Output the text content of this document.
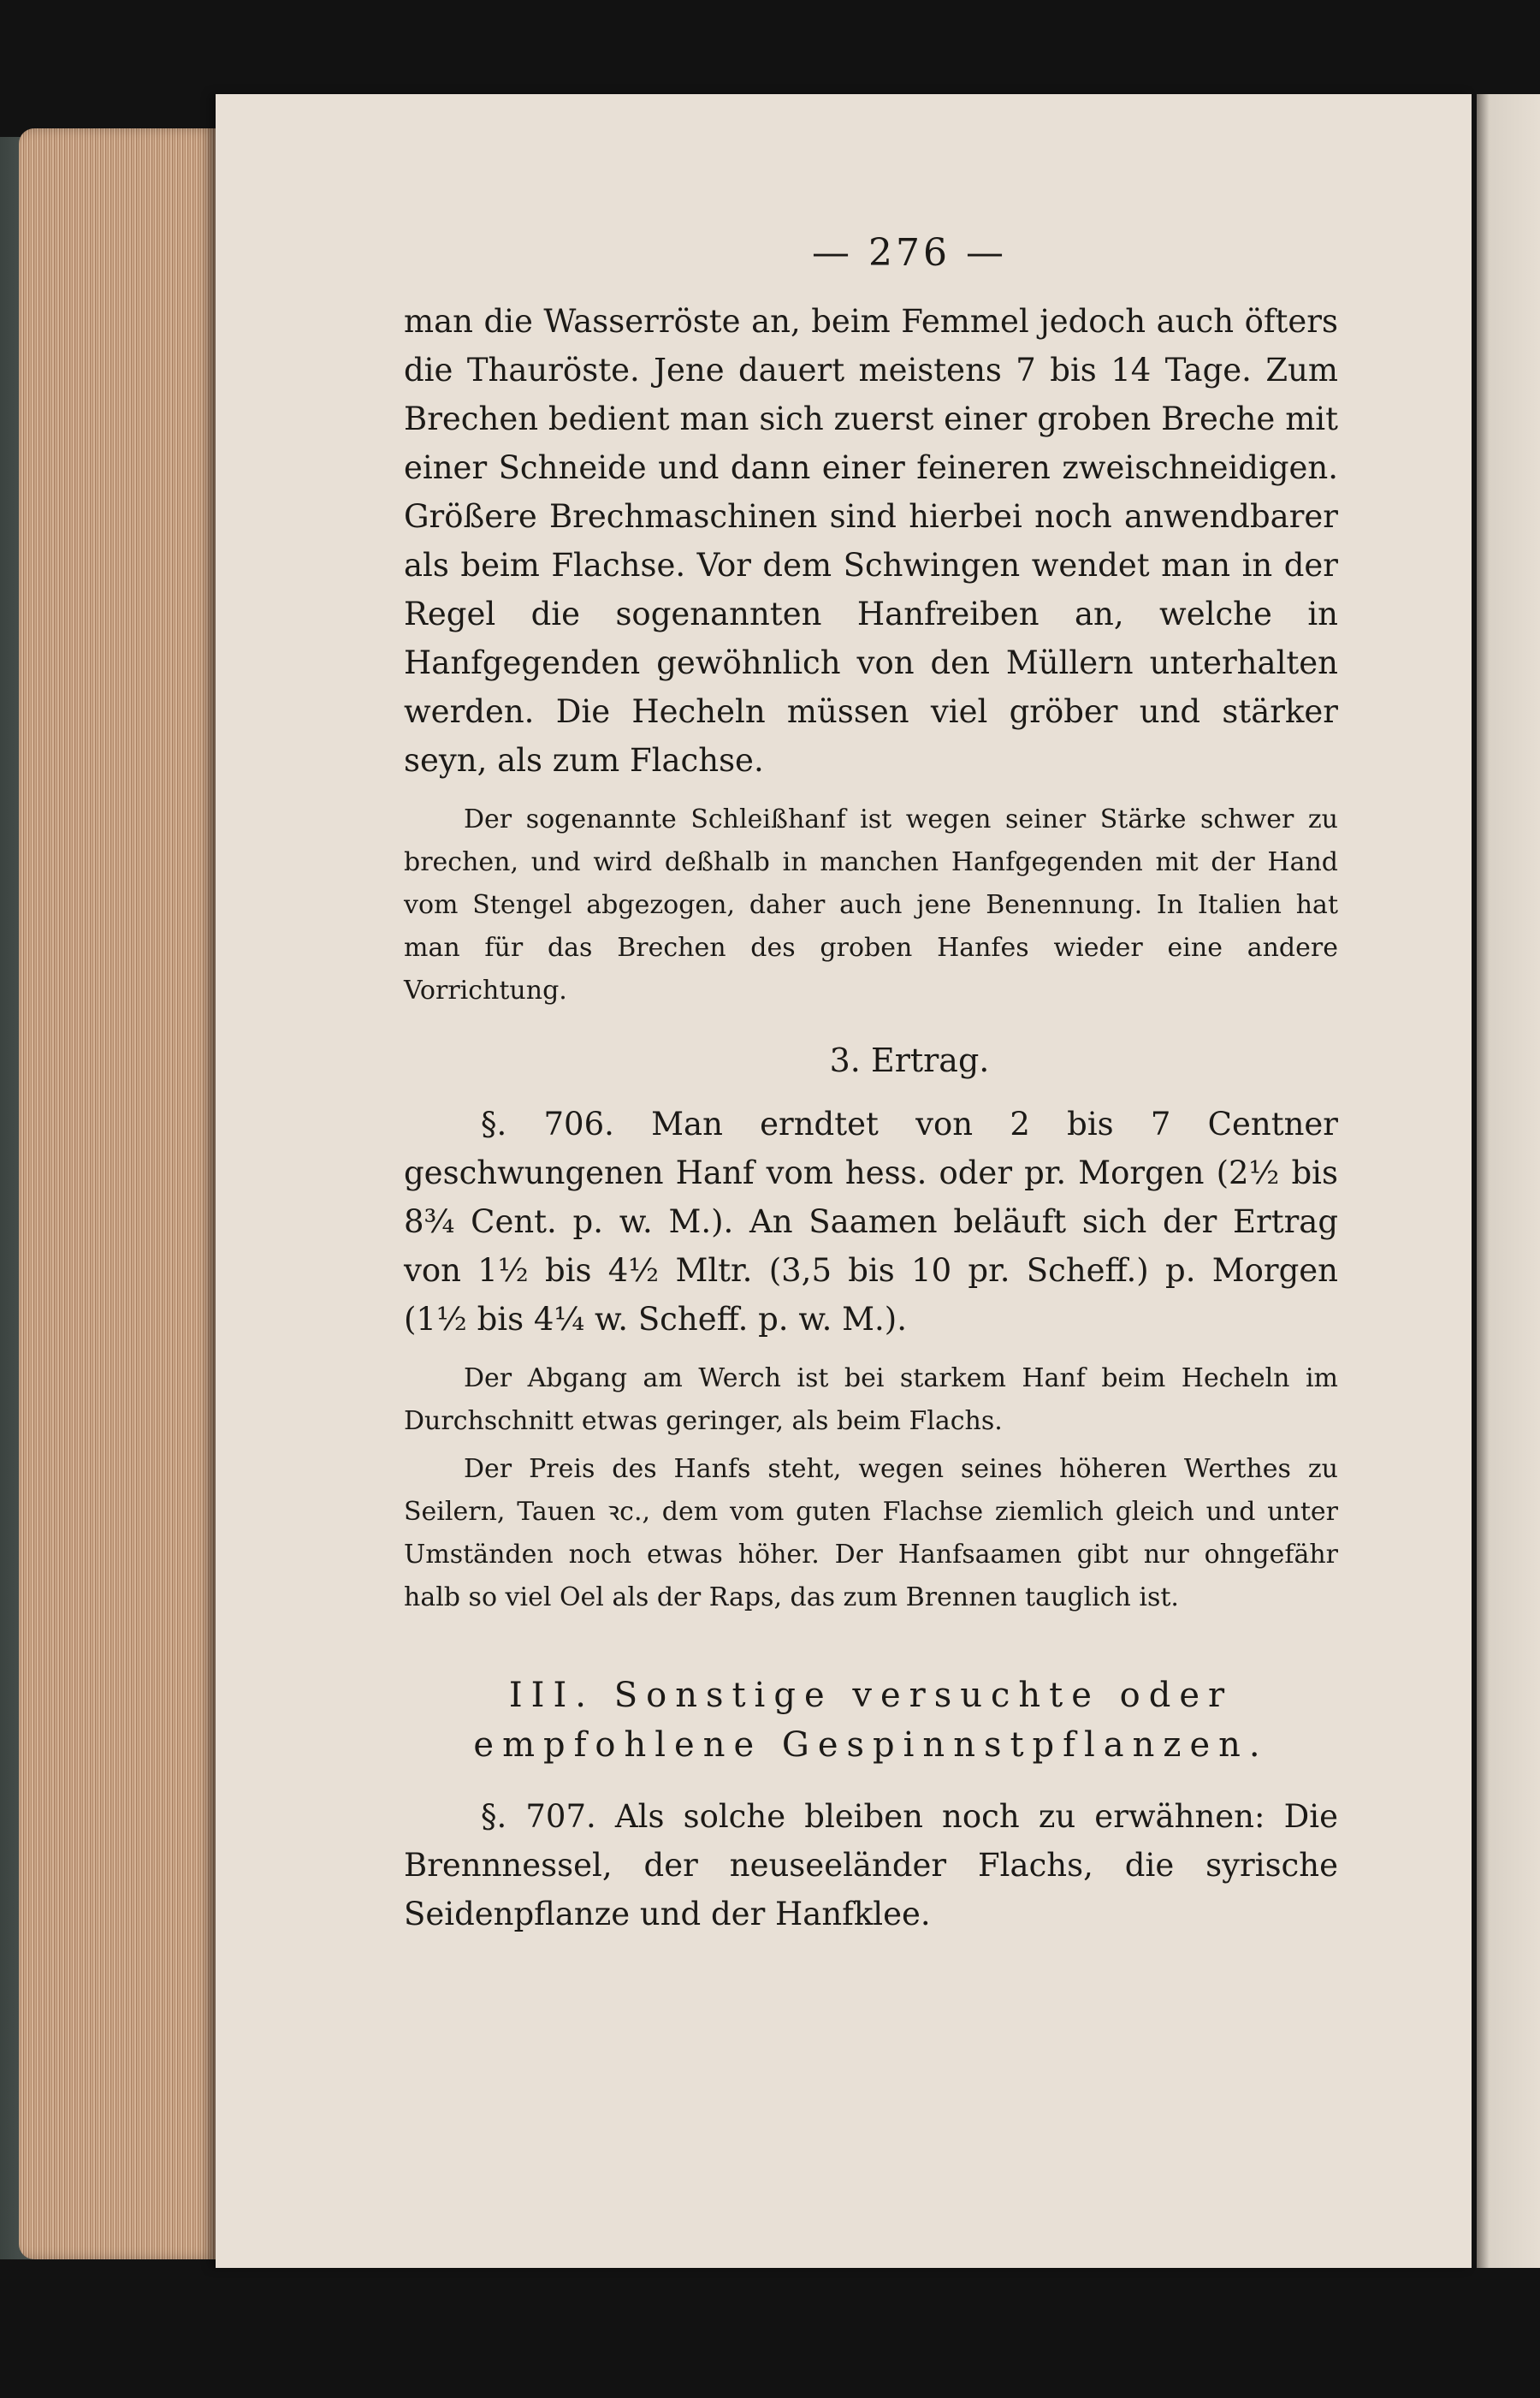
— 276 —

man die Wasserröste an, beim Femmel jedoch auch öfters die Thauröste. Jene dauert meistens 7 bis 14 Tage. Zum Brechen bedient man sich zuerst einer groben Breche mit einer Schneide und dann einer feineren zweischneidigen. Größere Brechmaschinen sind hierbei noch anwendbarer als beim Flachse. Vor dem Schwingen wendet man in der Regel die sogenannten Hanfreiben an, welche in Hanfgegenden gewöhnlich von den Müllern unterhalten werden. Die Hecheln müssen viel gröber und stärker seyn, als zum Flachse.

Der sogenannte Schleißhanf ist wegen seiner Stärke schwer zu brechen, und wird deßhalb in manchen Hanfgegenden mit der Hand vom Stengel abgezogen, daher auch jene Benennung. In Italien hat man für das Brechen des groben Hanfes wieder eine andere Vorrichtung.

3. Ertrag.

§. 706. Man erndtet von 2 bis 7 Centner geschwungenen Hanf vom hess. oder pr. Morgen (2½ bis 8¾ Cent. p. w. M.). An Saamen beläuft sich der Ertrag von 1½ bis 4½ Mltr. (3,5 bis 10 pr. Scheff.) p. Morgen (1½ bis 4¼ w. Scheff. p. w. M.).

Der Abgang am Werch ist bei starkem Hanf beim Hecheln im Durchschnitt etwas geringer, als beim Flachs.

Der Preis des Hanfs steht, wegen seines höheren Werthes zu Seilern, Tauen ꝛc., dem vom guten Flachse ziemlich gleich und unter Umständen noch etwas höher. Der Hanfsaamen gibt nur ohngefähr halb so viel Oel als der Raps, das zum Brennen tauglich ist.

III. Sonstige versuchte oder empfohlene Gespinnstpflanzen.

§. 707. Als solche bleiben noch zu erwähnen: Die Brennnessel, der neuseeländer Flachs, die syrische Seidenpflanze und der Hanfklee.
